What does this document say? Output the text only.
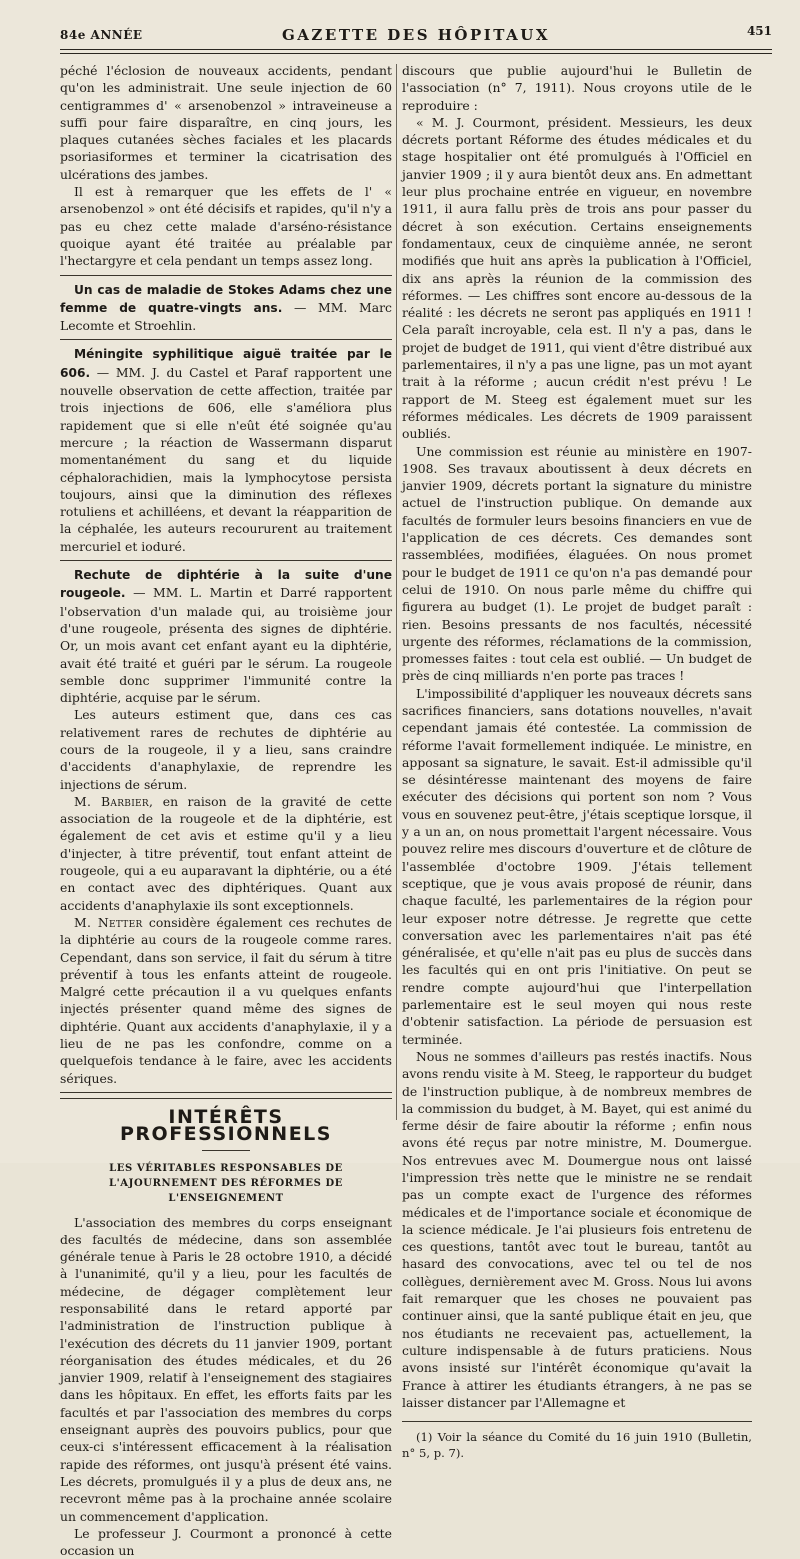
84e ANNÉE	GAZETTE DES HÔPITAUX	451

péché l'éclosion de nouveaux accidents, pendant qu'on les administrait. Une seule injection de 60 centigrammes d' « arsenobenzol » intraveineuse a suffi pour faire disparaître, en cinq jours, les plaques cutanées sèches faciales et les placards psoriasiformes et terminer la cicatrisation des ulcérations des jambes.

Il est à remarquer que les effets de l' « arsenobenzol » ont été décisifs et rapides, qu'il n'y a pas eu chez cette malade d'arséno-résistance quoique ayant été traitée au préalable par l'hectargyre et cela pendant un temps assez long.

Un cas de maladie de Stokes Adams chez une femme de quatre-vingts ans. — MM. Marc Lecomte et Stroehlin.

Méningite syphilitique aiguë traitée par le 606. — MM. J. du Castel et Paraf rapportent une nouvelle observation de cette affection, traitée par trois injections de 606, elle s'améliora plus rapidement que si elle n'eût été soignée qu'au mercure ; la réaction de Wassermann disparut momentanément du sang et du liquide céphalorachidien, mais la lymphocytose persista toujours, ainsi que la diminution des réflexes rotuliens et achilléens, et devant la réapparition de la céphalée, les auteurs recoururent au traitement mercuriel et ioduré.

Rechute de diphtérie à la suite d'une rougeole. — MM. L. Martin et Darré rapportent l'observation d'un malade qui, au troisième jour d'une rougeole, présenta des signes de diphtérie. Or, un mois avant cet enfant ayant eu la diphtérie, avait été traité et guéri par le sérum. La rougeole semble donc supprimer l'immunité contre la diphtérie, acquise par le sérum.

Les auteurs estiment que, dans ces cas relativement rares de rechutes de diphtérie au cours de la rougeole, il y a lieu, sans craindre d'accidents d'anaphylaxie, de reprendre les injections de sérum.

M. Barbier, en raison de la gravité de cette association de la rougeole et de la diphtérie, est également de cet avis et estime qu'il y a lieu d'injecter, à titre préventif, tout enfant atteint de rougeole, qui a eu auparavant la diphtérie, ou a été en contact avec des diphtériques. Quant aux accidents d'anaphylaxie ils sont exceptionnels.

M. Netter considère également ces rechutes de la diphtérie au cours de la rougeole comme rares. Cependant, dans son service, il fait du sérum à titre préventif à tous les enfants atteint de rougeole. Malgré cette précaution il a vu quelques enfants injectés présenter quand même des signes de diphtérie. Quant aux accidents d'anaphylaxie, il y a lieu de ne pas les confondre, comme on a quelquefois tendance à le faire, avec les accidents sériques.

INTÉRÊTS PROFESSIONNELS
LES VÉRITABLES RESPONSABLES DE L'AJOURNEMENT DES RÉFORMES DE L'ENSEIGNEMENT

L'association des membres du corps enseignant des facultés de médecine, dans son assemblée générale tenue à Paris le 28 octobre 1910, a décidé à l'unanimité, qu'il y a lieu, pour les facultés de médecine, de dégager complètement leur responsabilité dans le retard apporté par l'administration de l'instruction publique à l'exécution des décrets du 11 janvier 1909, portant réorganisation des études médicales, et du 26 janvier 1909, relatif à l'enseignement des stagiaires dans les hôpitaux. En effet, les efforts faits par les facultés et par l'association des membres du corps enseignant auprès des pouvoirs publics, pour que ceux-ci s'intéressent efficacement à la réalisation rapide des réformes, ont jusqu'à présent été vains. Les décrets, promulgués il y a plus de deux ans, ne recevront même pas à la prochaine année scolaire un commencement d'application.

Le professeur J. Courmont a prononcé à cette occasion un

discours que publie aujourd'hui le Bulletin de l'association (n° 7, 1911). Nous croyons utile de le reproduire :

« M. J. Courmont, président. Messieurs, les deux décrets portant Réforme des études médicales et du stage hospitalier ont été promulgués à l'Officiel en janvier 1909 ; il y aura bientôt deux ans. En admettant leur plus prochaine entrée en vigueur, en novembre 1911, il aura fallu près de trois ans pour passer du décret à son exécution. Certains enseignements fondamentaux, ceux de cinquième année, ne seront modifiés que huit ans après la publication à l'Officiel, dix ans après la réunion de la commission des réformes. — Les chiffres sont encore au-dessous de la réalité : les décrets ne seront pas appliqués en 1911 ! Cela paraît incroyable, cela est. Il n'y a pas, dans le projet de budget de 1911, qui vient d'être distribué aux parlementaires, il n'y a pas une ligne, pas un mot ayant trait à la réforme ; aucun crédit n'est prévu ! Le rapport de M. Steeg est également muet sur les réformes médicales. Les décrets de 1909 paraissent oubliés.

Une commission est réunie au ministère en 1907-1908. Ses travaux aboutissent à deux décrets en janvier 1909, décrets portant la signature du ministre actuel de l'instruction publique. On demande aux facultés de formuler leurs besoins financiers en vue de l'application de ces décrets. Ces demandes sont rassemblées, modifiées, élaguées. On nous promet pour le budget de 1911 ce qu'on n'a pas demandé pour celui de 1910. On nous parle même du chiffre qui figurera au budget (1). Le projet de budget paraît : rien. Besoins pressants de nos facultés, nécessité urgente des réformes, réclamations de la commission, promesses faites : tout cela est oublié. — Un budget de près de cinq milliards n'en porte pas traces !

L'impossibilité d'appliquer les nouveaux décrets sans sacrifices financiers, sans dotations nouvelles, n'avait cependant jamais été contestée. La commission de réforme l'avait formellement indiquée. Le ministre, en apposant sa signature, le savait. Est-il admissible qu'il se désintéresse maintenant des moyens de faire exécuter des décisions qui portent son nom ? Vous vous en souvenez peut-être, j'étais sceptique lorsque, il y a un an, on nous promettait l'argent nécessaire. Vous pouvez relire mes discours d'ouverture et de clôture de l'assemblée d'octobre 1909. J'étais tellement sceptique, que je vous avais proposé de réunir, dans chaque faculté, les parlementaires de la région pour leur exposer notre détresse. Je regrette que cette conversation avec les parlementaires n'ait pas été généralisée, et qu'elle n'ait pas eu plus de succès dans les facultés qui en ont pris l'initiative. On peut se rendre compte aujourd'hui que l'interpellation parlementaire est le seul moyen qui nous reste d'obtenir satisfaction. La période de persuasion est terminée.

Nous ne sommes d'ailleurs pas restés inactifs. Nous avons rendu visite à M. Steeg, le rapporteur du budget de l'instruction publique, à de nombreux membres de la commission du budget, à M. Bayet, qui est animé du ferme désir de faire aboutir la réforme ; enfin nous avons été reçus par notre ministre, M. Doumergue. Nos entrevues avec M. Doumergue nous ont laissé l'impression très nette que le ministre ne se rendait pas un compte exact de l'urgence des réformes médicales et de l'importance sociale et économique de la science médicale. Je l'ai plusieurs fois entretenu de ces questions, tantôt avec tout le bureau, tantôt au hasard des convocations, avec tel ou tel de nos collègues, dernièrement avec M. Gross. Nous lui avons fait remarquer que les choses ne pouvaient pas continuer ainsi, que la santé publique était en jeu, que nos étudiants ne recevaient pas, actuellement, la culture indispensable à de futurs praticiens. Nous avons insisté sur l'intérêt économique qu'avait la France à attirer les étudiants étrangers, à ne pas se laisser distancer par l'Allemagne et

(1) Voir la séance du Comité du 16 juin 1910 (Bulletin, n° 5, p. 7).
